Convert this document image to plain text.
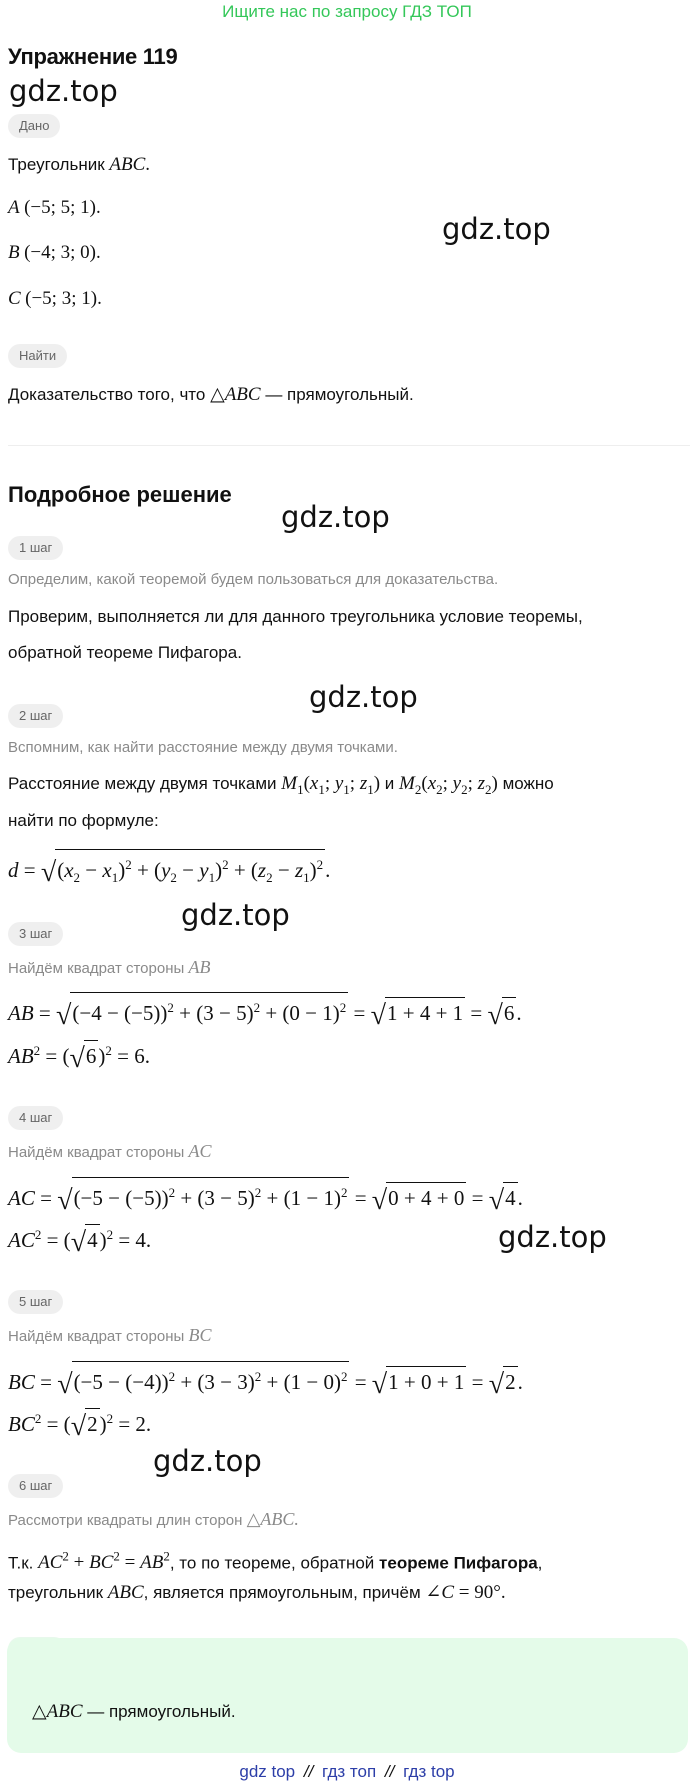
Ищите нас по запросу ГДЗ ТОП
Упражнение 119
gdz.top
gdz.top
gdz.top
gdz.top
gdz.top
gdz.top
gdz.top
Дано
Треугольник ABC.
A (−5; 5; 1).
B (−4; 3; 0).
C (−5; 3; 1).
Найти
Доказательство того, что △ABC — прямоугольный.
Подробное решение
1 шаг
Определим, какой теоремой будем пользоваться для доказательства.
Проверим, выполняется ли для данного треугольника условие теоремы,
обратной теореме Пифагора.
2 шаг
Вспомним, как найти расстояние между двумя точками.
Расстояние между двумя точками $M_1(x_1$; $y_1$; $z_1$) и $M_2(x_2$; $y_2$; $z_2$) можно
найти по формуле:
$d = √(x_2 - x_1)^2 + (y_2 - y_1)^2 + (z_2 - z_1)^2$.
3 шаг
Найдём квадрат стороны AB
AB = $√(-4 - (-5))^2 + (3 - 5)^2 + (0 - 1)^2 = √1 + 4 + 1 = √6$.
$AB^2 = (√6)^2 = 6$.
4 шаг
Найдём квадрат стороны AC
AC = $√(-5 - (-5))^2 + (3 - 5)^2 + (1 - 1)^2 = √0 + 4 + 0 = √4$.
$AC^2 = (√4)^2 = 4$.
5 шаг
Найдём квадрат стороны BC
BC = $√(-5 - (-4))^2 + (3 - 3)^2 + (1 - 0)^2 = √1 + 0 + 1 = √2$.
$BC^2 = (√2)^2 = 2$.
6 шаг
Рассмотри квадраты длин сторон △ABC.
Т.к. $AC^2 + BC^2 = AB^2$, то по теореме, обратной теореме Пифагора,
треугольник ABC, является прямоугольным, причём ∠C = 90°.
△ABC — прямоугольный.
gdz top // гдз топ // гдз top
